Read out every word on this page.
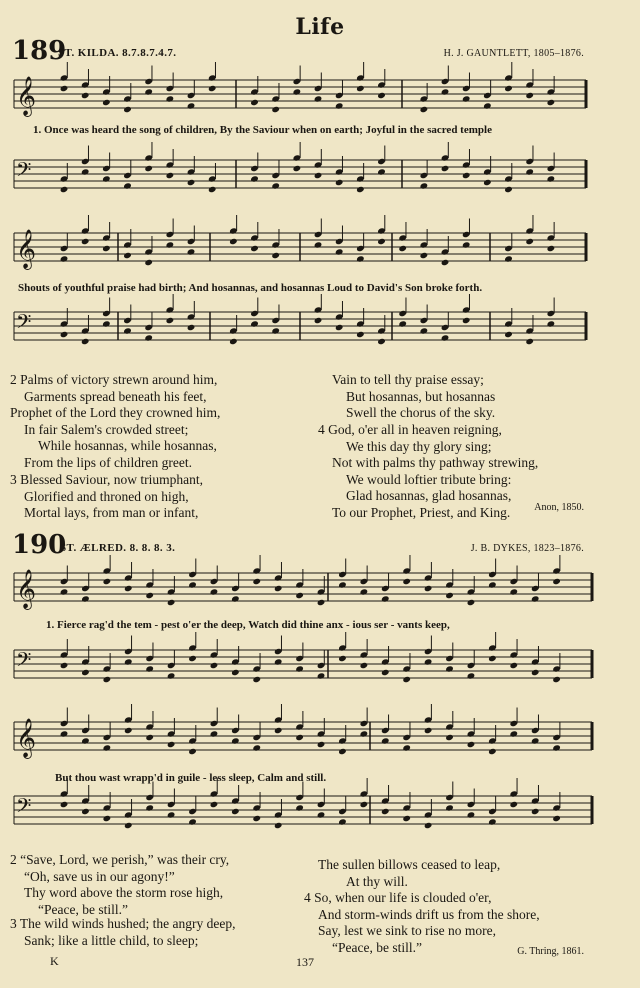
Life
189
ST. KILDA. 8.7.8.7.4.7.	H. J. GAUNTLETT, 1805–1876.
𝄞
𝄢
𝄞
𝄢
𝄞
𝄢
𝄞
𝄢
1. Once was heard the song of children, By the Saviour when on earth; Joyful in the sacred temple
Shouts of youthful praise had birth; And hosannas, and hosannas Loud to David's Son broke forth.
2 Palms of victory strewn around him,
Garments spread beneath his feet,
Prophet of the Lord they crowned him,
In fair Salem's crowded street;
While hosannas, while hosannas,
From the lips of children greet.
3 Blessed Saviour, now triumphant,
Glorified and throned on high,
Mortal lays, from man or infant,
Vain to tell thy praise essay;
But hosannas, but hosannas
Swell the chorus of the sky.
4 God, o'er all in heaven reigning,
We this day thy glory sing;
Not with palms thy pathway strewing,
We would loftier tribute bring:
Glad hosannas, glad hosannas,
To our Prophet, Priest, and King.	Anon, 1850.
190
ST. ÆLRED. 8. 8. 8. 3.	J. B. DYKES, 1823–1876.
1. Fierce rag'd the tem - pest o'er the deep, Watch did thine anx - ious ser - vants keep,
But thou wast wrapp'd in guile - less sleep, Calm and still.
2 “Save, Lord, we perish,” was their cry,
“Oh, save us in our agony!”
Thy word above the storm rose high,
“Peace, be still.”
3 The wild winds hushed; the angry deep,
Sank; like a little child, to sleep;
The sullen billows ceased to leap,
At thy will.
4 So, when our life is clouded o'er,
And storm-winds drift us from the shore,
Say, lest we sink to rise no more,
“Peace, be still.”	G. Thring, 1861.
K	137
